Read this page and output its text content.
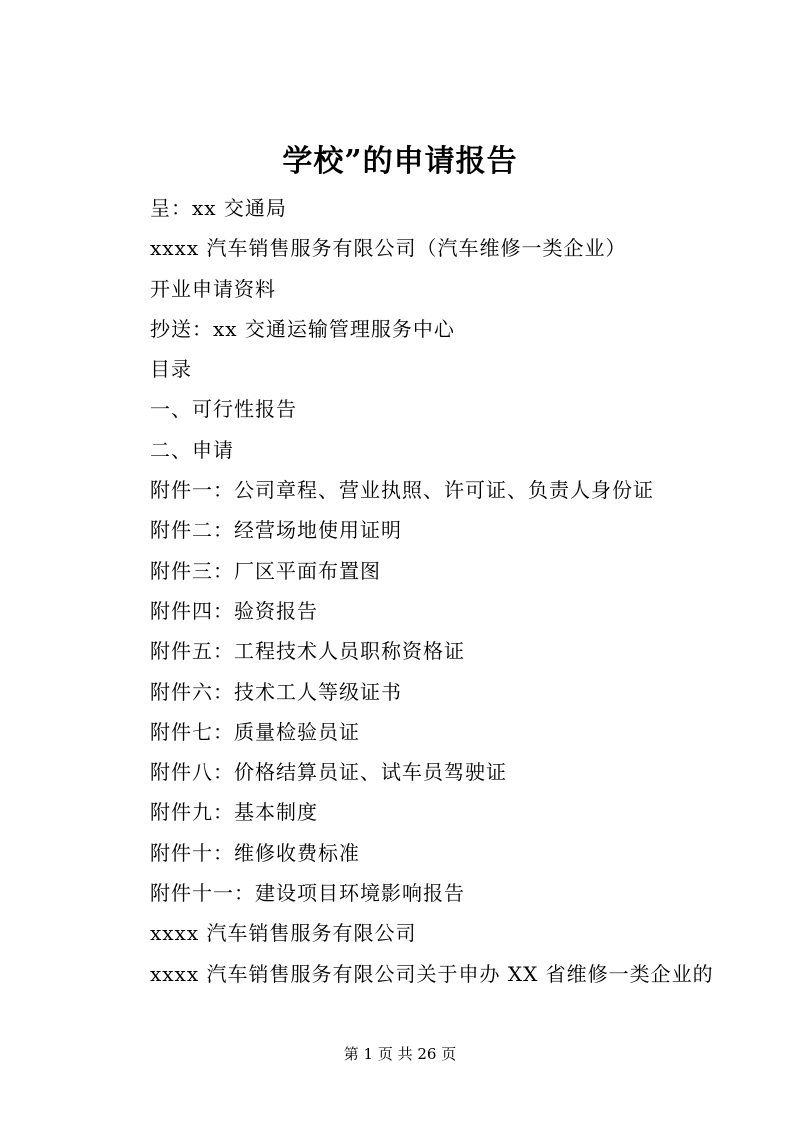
学校”的申请报告
呈：xx 交通局
xxxx 汽车销售服务有限公司（汽车维修一类企业）
开业申请资料
抄送：xx 交通运输管理服务中心
目录
一、可行性报告
二、申请
附件一：公司章程、营业执照、许可证、负责人身份证
附件二：经营场地使用证明
附件三：厂区平面布置图
附件四：验资报告
附件五：工程技术人员职称资格证
附件六：技术工人等级证书
附件七：质量检验员证
附件八：价格结算员证、试车员驾驶证
附件九：基本制度
附件十：维修收费标准
附件十一：建设项目环境影响报告
xxxx 汽车销售服务有限公司
xxxx 汽车销售服务有限公司关于申办 XX 省维修一类企业的
第 1 页 共 26 页
